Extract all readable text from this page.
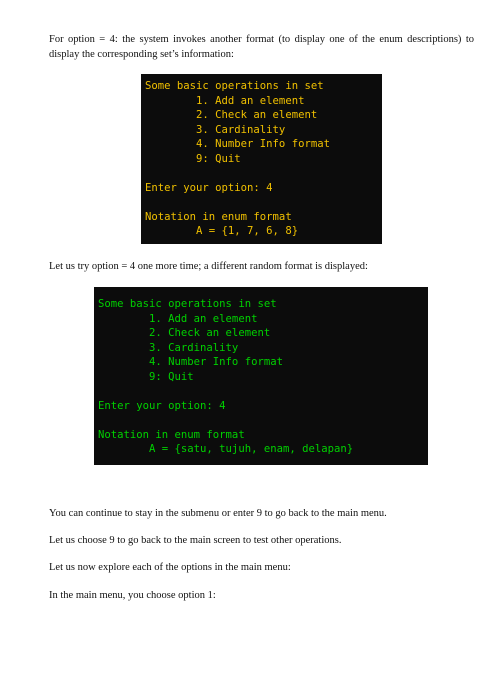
For option = 4: the system invokes another format (to display one of the enum descriptions) to display the corresponding set’s information:

Some basic operations in set
1. Add an element
2. Check an element
3. Cardinality
4. Number Info format
9: Quit
Enter your option: 4
Notation in enum format
A = {1, 7, 6, 8}

Let us try option = 4 one more time; a different random format is displayed:

Some basic operations in set
1. Add an element
2. Check an element
3. Cardinality
4. Number Info format
9: Quit
Enter your option: 4
Notation in enum format
A = {satu, tujuh, enam, delapan}

You can continue to stay in the submenu or enter 9 to go back to the main menu.

Let us choose 9 to go back to the main screen to test other operations.

Let us now explore each of the options in the main menu:

In the main menu, you choose option 1:
